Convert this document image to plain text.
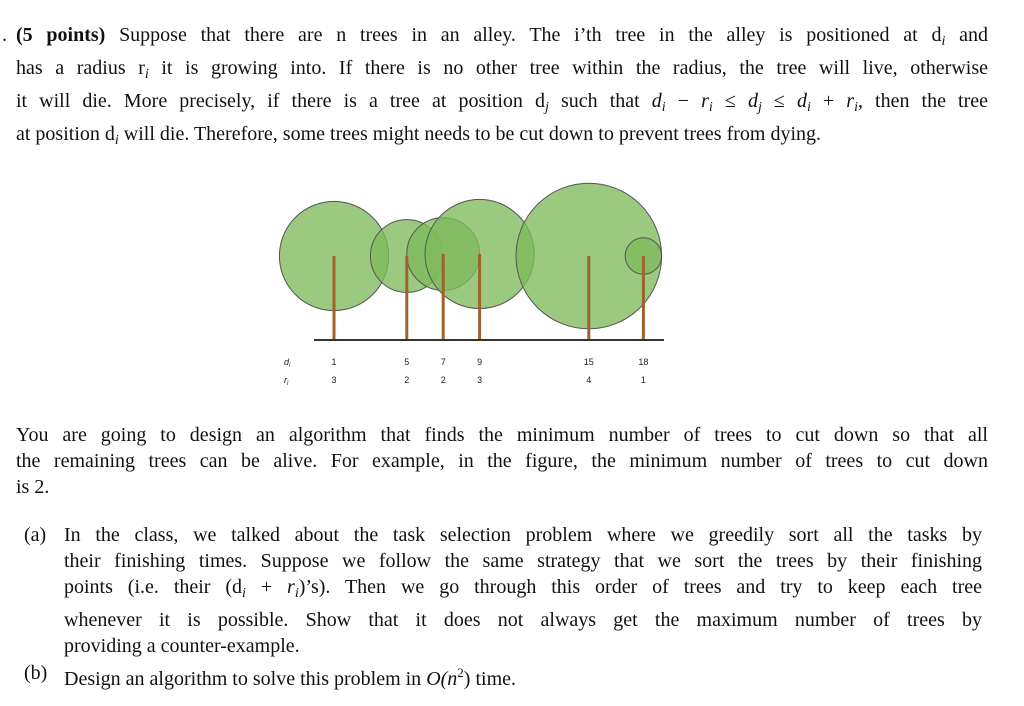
. (5 points) Suppose that there are n trees in an alley. The i’th tree in the alley is positioned at $d_i$ and
has a radius $r_i$ it is growing into. If there is no other tree within the radius, the tree will live, otherwise
it will die. More precisely, if there is a tree at position $d_j$ such that $d_i - r_i \le d_j \le d_i + r_i$, then the tree
at position $d_i$ will die. Therefore, some trees might needs to be cut down to prevent trees from dying.
$d_i$
$r_i$
1	5	7	9	15	18
3	2	2	3	4	1
You are going to design an algorithm that finds the minimum number of trees to cut down so that all
the remaining trees can be alive. For example, in the figure, the minimum number of trees to cut down
is 2.
(a) In the class, we talked about the task selection problem where we greedily sort all the tasks by
their finishing times. Suppose we follow the same strategy that we sort the trees by their finishing
points (i.e. their ($d_i$ + $r_i)’s$). Then we go through this order of trees and try to keep each tree
whenever it is possible. Show that it does not always get the maximum number of trees by
providing a counter-example.
(b) Design an algorithm to solve this problem in $O(n^2)$ time.
